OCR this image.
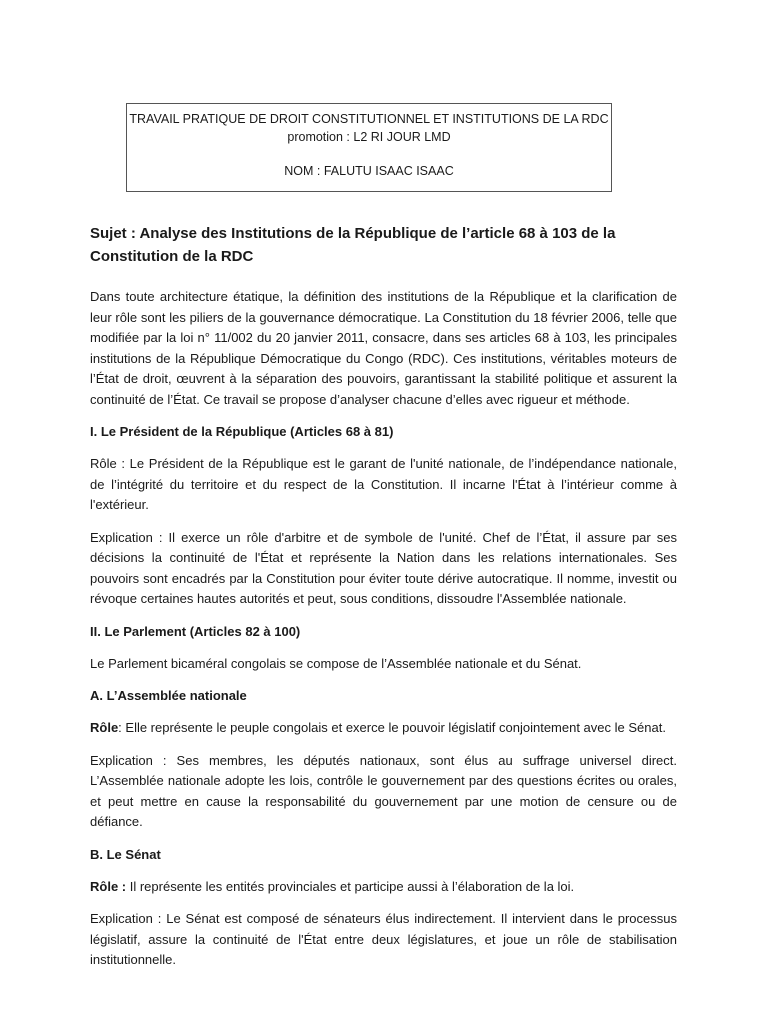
TRAVAIL PRATIQUE DE DROIT CONSTITUTIONNEL ET INSTITUTIONS DE LA RDC
promotion : L2 RI JOUR LMD
NOM : FALUTU ISAAC ISAAC
Sujet : Analyse des Institutions de la République de l’article 68 à 103 de la Constitution de la RDC

Dans toute architecture étatique, la définition des institutions de la République et la clarification de leur rôle sont les piliers de la gouvernance démocratique. La Constitution du 18 février 2006, telle que modifiée par la loi n° 11/002 du 20 janvier 2011, consacre, dans ses articles 68 à 103, les principales institutions de la République Démocratique du Congo (RDC). Ces institutions, véritables moteurs de l’État de droit, œuvrent à la séparation des pouvoirs, garantissant la stabilité politique et assurent la continuité de l’État. Ce travail se propose d’analyser chacune d’elles avec rigueur et méthode.

I. Le Président de la République (Articles 68 à 81)

Rôle : Le Président de la République est le garant de l'unité nationale, de l’indépendance nationale, de l’intégrité du territoire et du respect de la Constitution. Il incarne l'État à l’intérieur comme à l'extérieur.

Explication : Il exerce un rôle d'arbitre et de symbole de l'unité. Chef de l’État, il assure par ses décisions la continuité de l'État et représente la Nation dans les relations internationales. Ses pouvoirs sont encadrés par la Constitution pour éviter toute dérive autocratique. Il nomme, investit ou révoque certaines hautes autorités et peut, sous conditions, dissoudre l'Assemblée nationale.

II. Le Parlement (Articles 82 à 100)

Le Parlement bicaméral congolais se compose de l’Assemblée nationale et du Sénat.

A. L’Assemblée nationale

Rôle: Elle représente le peuple congolais et exerce le pouvoir législatif conjointement avec le Sénat.

Explication : Ses membres, les députés nationaux, sont élus au suffrage universel direct. L’Assemblée nationale adopte les lois, contrôle le gouvernement par des questions écrites ou orales, et peut mettre en cause la responsabilité du gouvernement par une motion de censure ou de défiance.

B. Le Sénat

Rôle : Il représente les entités provinciales et participe aussi à l’élaboration de la loi.

Explication : Le Sénat est composé de sénateurs élus indirectement. Il intervient dans le processus législatif, assure la continuité de l'État entre deux législatures, et joue un rôle de stabilisation institutionnelle.
